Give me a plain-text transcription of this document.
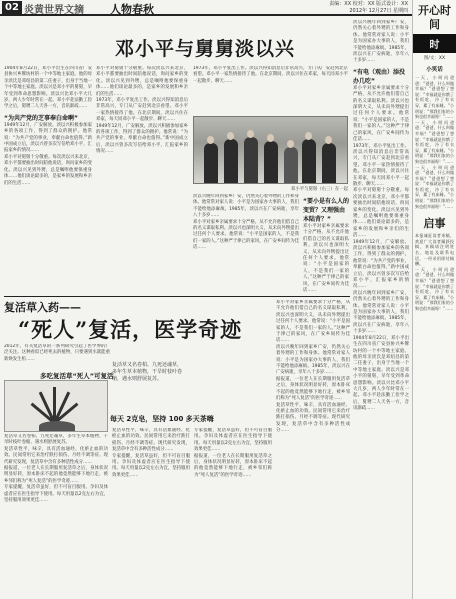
02 炎黄世界文摘 人物春秋	责编：XX 校对：XX 版式设计：XX
2012年 12月27日 星期四
邓小平与舅舅淡以兴
1904年8月22日，邓小平出生在四川省广安县协兴乡牌坊村的一个中等地主家庭。他的母亲淡氏是邓绍昌的第二任妻子，出身于当地一个中等地主家庭。淡以兴是邓小平的舅舅，早年受到革命思想影响。淡以兴比邓小平大几岁，两人少年时常在一起。邓小平赴法勤工俭学之后，舅甥二人天各一方，音讯渐疏……
“为共产党的芝事奉白命啊”
1949年12月，广安解放。淡以兴积极参加家乡的各项工作，得到了群众的拥护。他常说：“为共产党的事业，奉献白命也值得。”新中国成立后，淡以兴曾多次写信给邓小平，汇报家乡的情况……
邓小平对舅舅十分敬重。每次淡以兴来北京，邓小平都要抽出时间陪他说话，询问家乡的变化。淡以兴见到外甥，总是嘱咐他要保重身体……他们谈论最多的，是家乡的发展和乡亲们的生活……
邓小平对舅舅十分敬重。每次淡以兴来北京，邓小平都要抽出时间陪他说话，询问家乡的变化。淡以兴见到外甥，总是嘱咐他要保重身体……他们谈论最多的，是家乡的发展和乡亲们的生活……
1973年，邓小平复出工作。淡以兴得知消息后非常高兴，专门从广安赶到北京看望。邓小平一家热情接待了他。在北京期间，淡以兴住在邓家，每天同邓小平一起散步、聊天……
1949年12月，广安解放。淡以兴积极参加家乡的各项工作，得到了群众的拥护。他常说：“为共产党的事业，奉献白命也值得。”新中国成立后，淡以兴曾多次写信给邓小平，汇报家乡的情况……
1973年，邓小平复出工作。淡以兴得知消息后非常高兴，专门从广安赶到北京看望。邓小平一家热情接待了他。在北京期间，淡以兴住在邓家，每天同邓小平一起散步、聊天……
邓小平与舅舅（右三）在一起
淡以兴晚年回到家乡广安，仍然关心着外甥的工作和身体。他常常对家人说：小平是为国家办大事的人，我们不能给他添麻烦。1985年，淡以兴在广安病逝，享年八十多岁……
邓小平对家乡亲属要求十分严格，从不允许他们借自己的名义谋取私利。淡以兴也深明大义，从未向外甥提出过任何个人要求。他常说：“小平是国家的人，不是我们一家的人。”这种严于律己的家风，在广安乡间传为佳话……
“要小是有么人的变贸？又理强由本陆背？”
邓小平对家乡亲属要求十分严格，从不允许他们借自己的名义谋取私利。淡以兴也深明大义，从未向外甥提出过任何个人要求。他常说：“小平是国家的人，不是我们一家的人。”这种严于律己的家风，在广安乡间传为佳话……
淡以兴晚年回到家乡广安，仍然关心着外甥的工作和身体。他常常对家人说：小平是为国家办大事的人，我们不能给他添麻烦。1985年，淡以兴在广安病逝，享年八十多岁……
“有电（观由）添没办几吃”
邓小平对家乡亲属要求十分严格，从不允许他们借自己的名义谋取私利。淡以兴也深明大义，从未向外甥提出过任何个人要求。他常说：“小平是国家的人，不是我们一家的人。”这种严于律己的家风，在广安乡间传为佳话……
1973年，邓小平复出工作。淡以兴得知消息后非常高兴，专门从广安赶到北京看望。邓小平一家热情接待了他。在北京期间，淡以兴住在邓家，每天同邓小平一起散步、聊天……
邓小平对舅舅十分敬重。每次淡以兴来北京，邓小平都要抽出时间陪他说话，询问家乡的变化。淡以兴见到外甥，总是嘱咐他要保重身体……他们谈论最多的，是家乡的发展和乡亲们的生活……
1949年12月，广安解放。淡以兴积极参加家乡的各项工作，得到了群众的拥护。他常说：“为共产党的事业，奉献白命也值得。”新中国成立后，淡以兴曾多次写信给邓小平，汇报家乡的情况……
淡以兴晚年回到家乡广安，仍然关心着外甥的工作和身体。他常常对家人说：小平是为国家办大事的人，我们不能给他添麻烦。1985年，淡以兴在广安病逝，享年八十多岁……
1904年8月22日，邓小平出生在四川省广安县协兴乡牌坊村的一个中等地主家庭。他的母亲淡氏是邓绍昌的第二任妻子，出身于当地一个中等地主家庭。淡以兴是邓小平的舅舅，早年受到革命思想影响。淡以兴比邓小平大几岁，两人少年时常在一起。邓小平赴法勤工俭学之后，舅甥二人天各一方，音讯渐疏……
复活草入药——
“死人”复活，医学奇迹
2012年，有关复活草的一系列研究引起了医学界的广泛关注。这种看似已经死去的植物，只要遇到水就能重新焕发生机……
多吃复活草“死人”可复活
复活草又名卷柏、九死还魂草，多年生草本植物，干旱时枝叶卷缩，遇水则舒展复苏。
复活草性平，味辛，具有活血通经、化瘀止血的功效。民间常用它来治疗跌打损伤、月经不调等症。现代研究发现，复活草中含有多种活性成分……
据报道，一位老人在长期服用复活草之后，身体状况明显好转，原本卧床不起的他竟然能够下地行走，被乡邻们称为“死人复活”的医学奇迹……
专家提醒，复活草虽好，但不可盲目服用。孕妇及体虚者应在医生指导下使用。每天用量以2克左右为宜，坚持服用效果更佳……
复活草又名卷柏、九死还魂草，多年生草本植物，干旱时枝叶卷缩，遇水则舒展复苏。
每天 2克皂，坚持 100 多天茶嗨
复活草性平，味辛，具有活血通经、化瘀止血的功效。民间常用它来治疗跌打损伤、月经不调等症。现代研究发现，复活草中含有多种活性成分……
专家提醒，复活草虽好，但不可盲目服用。孕妇及体虚者应在医生指导下使用。每天用量以2克左右为宜，坚持服用效果更佳……
专家提醒，复活草虽好，但不可盲目服用。孕妇及体虚者应在医生指导下使用。每天用量以2克左右为宜，坚持服用效果更佳……
据报道，一位老人在长期服用复活草之后，身体状况明显好转，原本卧床不起的他竟然能够下地行走，被乡邻们称为“死人复活”的医学奇迹……
邓小平对家乡亲属要求十分严格，从不允许他们借自己的名义谋取私利。淡以兴也深明大义，从未向外甥提出过任何个人要求。他常说：“小平是国家的人，不是我们一家的人。”这种严于律己的家风，在广安乡间传为佳话……
淡以兴晚年回到家乡广安，仍然关心着外甥的工作和身体。他常常对家人说：小平是为国家办大事的人，我们不能给他添麻烦。1985年，淡以兴在广安病逝，享年八十多岁……
据报道，一位老人在长期服用复活草之后，身体状况明显好转，原本卧床不起的他竟然能够下地行走，被乡邻们称为“死人复活”的医学奇迹……
复活草性平，味辛，具有活血通经、化瘀止血的功效。民间常用它来治疗跌打损伤、月经不调等症。现代研究发现，复活草中含有多种活性成分……
开心时间
时
图/文：XX
小笑话
一天，小明问爸爸：“爸爸，什么叫做幸福？”爸爸想了想说：“幸福就是你饿了有饭吃，冷了有衣穿，累了有床睡。”小明说：“那我们家的小狗也很幸福呀！”……
一天，小明问爸爸：“爸爸，什么叫做幸福？”爸爸想了想说：“幸福就是你饿了有饭吃，冷了有衣穿，累了有床睡。”小明说：“那我们家的小狗也很幸福呀！”……
一天，小明问爸爸：“爸爸，什么叫做幸福？”爸爸想了想说：“幸福就是你饿了有饭吃，冷了有衣穿，累了有床睡。”小明说：“那我们家的小狗也很幸福呀！”……
启事
本报诚征读者来稿，欢迎广大读者踊跃投稿，来稿请注明姓名、地址及联系电话，一经采用即付稿酬。
一天，小明问爸爸：“爸爸，什么叫做幸福？”爸爸想了想说：“幸福就是你饿了有饭吃，冷了有衣穿，累了有床睡。”小明说：“那我们家的小狗也很幸福呀！”……
